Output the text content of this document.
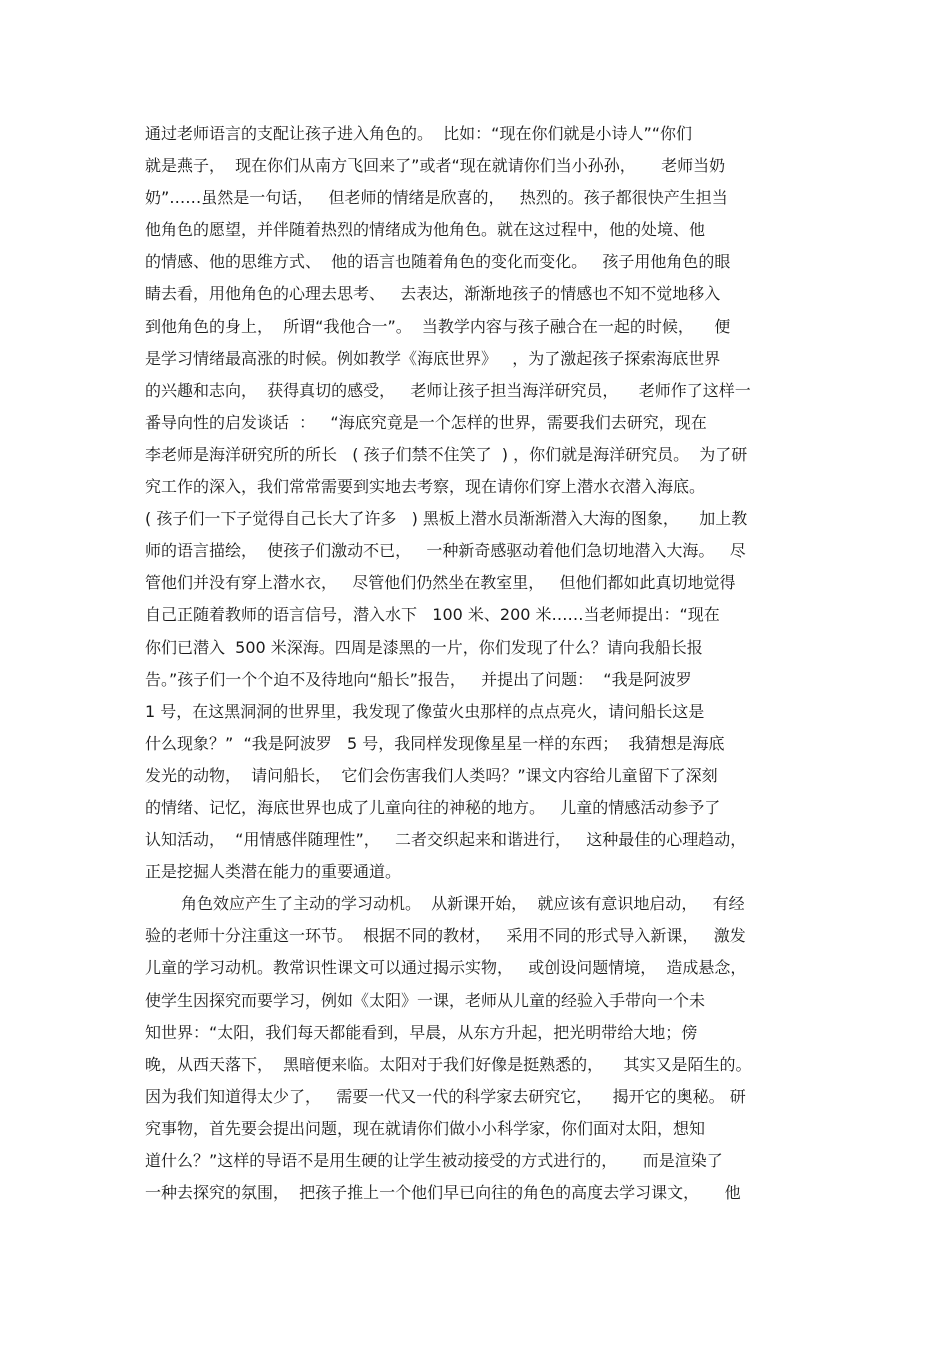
通过老师语言的支配让孩子进入角色的。  比如：“现在你们就是小诗人”“你们
就是燕子，  现在你们从南方飞回来了”或者“现在就请你们当小孙孙，     老师当奶
奶”……虽然是一句话，   但老师的情绪是欣喜的，   热烈的。孩子都很快产生担当
他角色的愿望，并伴随着热烈的情绪成为他角色。就在这过程中，他的处境、他
的情感、他的思维方式、  他的语言也随着角色的变化而变化。   孩子用他角色的眼
睛去看，用他角色的心理去思考、   去表达，渐渐地孩子的情感也不知不觉地移入
到他角色的身上，  所谓“我他合一”。  当教学内容与孩子融合在一起的时候，    便
是学习情绪最高涨的时候。例如教学《海底世界》   ，为了激起孩子探索海底世界
的兴趣和志向，  获得真切的感受，   老师让孩子担当海洋研究员，    老师作了这样一
番导向性的启发谈话  ：   “海底究竟是一个怎样的世界，需要我们去研究，现在
李老师是海洋研究所的所长   ( 孩子们禁不住笑了  ) ，你们就是海洋研究员。  为了研
究工作的深入，我们常常需要到实地去考察，现在请你们穿上潜水衣潜入海底。
( 孩子们一下子觉得自己长大了许多   ) 黑板上潜水员渐渐潜入大海的图象，    加上教
师的语言描绘，  使孩子们激动不已，   一种新奇感驱动着他们急切地潜入大海。   尽
管他们并没有穿上潜水衣，   尽管他们仍然坐在教室里，   但他们都如此真切地觉得
自己正随着教师的语言信号，潜入水下   100 米、200 米……当老师提出：“现在
你们已潜入  500 米深海。四周是漆黑的一片，你们发现了什么？请向我船长报
告。”孩子们一个个迫不及待地向“船长”报告，   并提出了问题：  “我是阿波罗
1 号，在这黑洞洞的世界里，我发现了像萤火虫那样的点点亮火，请问船长这是
什么现象？”  “我是阿波罗   5 号，我同样发现像星星一样的东西；  我猜想是海底
发光的动物，  请问船长，  它们会伤害我们人类吗？”课文内容给儿童留下了深刻
的情绪、记忆，海底世界也成了儿童向往的神秘的地方。   儿童的情感活动参予了
认知活动，  “用情感伴随理性”，   二者交织起来和谐进行，   这种最佳的心理趋动，
正是挖掘人类潜在能力的重要通道。
角色效应产生了主动的学习动机。  从新课开始，  就应该有意识地启动，   有经
验的老师十分注重这一环节。  根据不同的教材，   采用不同的形式导入新课，   激发
儿童的学习动机。教常识性课文可以通过揭示实物，   或创设问题情境，  造成悬念，
使学生因探究而要学习，例如《太阳》一课，老师从儿童的经验入手带向一个未
知世界：“太阳，我们每天都能看到，早晨，从东方升起，把光明带给大地；傍
晚，从西天落下，  黑暗便来临。太阳对于我们好像是挺熟悉的，    其实又是陌生的。
因为我们知道得太少了，   需要一代又一代的科学家去研究它，    揭开它的奥秘。 研
究事物，首先要会提出问题，现在就请你们做小小科学家，你们面对太阳，想知
道什么？”这样的导语不是用生硬的让学生被动接受的方式进行的，     而是渲染了
一种去探究的氛围，  把孩子推上一个他们早已向往的角色的高度去学习课文，     他
